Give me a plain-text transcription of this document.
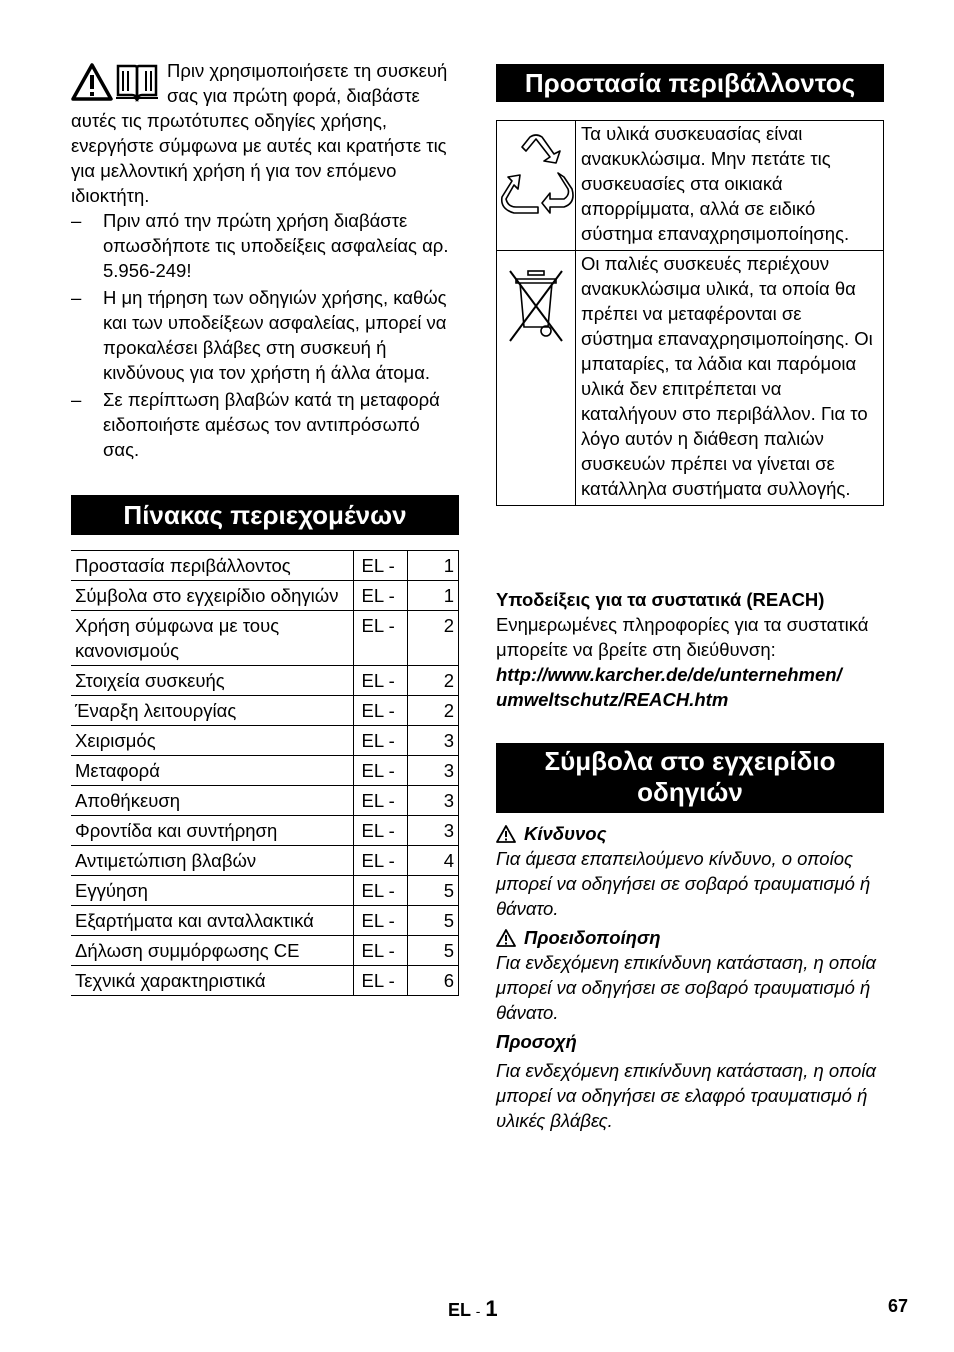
Πριν χρησιμοποιήσετε τη συσκευή σας για πρώτη φορά, διαβάστε αυτές τις πρωτότυπες οδηγίες χρήσης, ενεργήστε σύμφωνα με αυτές και κρατήστε τις για μελλοντική χρήση ή για τον επόμενο ιδιοκτήτη.
–	Πριν από την πρώτη χρήση διαβάστε οπωσδήποτε τις υποδείξεις ασφαλείας αρ. 5.956-249!
–	Η μη τήρηση των οδηγιών χρήσης, καθώς και των υποδείξεων ασφαλείας, μπορεί να προκαλέσει βλάβες στη συσκευή ή κινδύνους για τον χρήστη ή άλλα άτομα.
–	Σε περίπτωση βλαβών κατά τη μεταφορά ειδοποιήστε αμέσως τον αντιπρόσωπό σας.
Πίνακας περιεχομένων
Προστασία περιβάλλοντος	EL -	1
Σύμβολα στο εγχειρίδιο οδηγιών	EL -	1
Χρήση σύμφωνα με τους κανονισμούς	EL -	2
Στοιχεία συσκευής	EL -	2
Έναρξη λειτουργίας	EL -	2
Χειρισμός	EL -	3
Μεταφορά	EL -	3
Αποθήκευση	EL -	3
Φροντίδα και συντήρηση	EL -	3
Αντιμετώπιση βλαβών	EL -	4
Εγγύηση	EL -	5
Εξαρτήματα και ανταλλακτικά	EL -	5
Δήλωση συμμόρφωσης CE	EL -	5
Τεχνικά χαρακτηριστικά	EL -	6
Προστασία περιβάλλοντος
	Τα υλικά συσκευασίας είναι ανακυκλώσιμα. Μην πετάτε τις συσκευασίες στα οικιακά απορρίμματα, αλλά σε ειδικό σύστημα επαναχρησιμοποίησης.
	Οι παλιές συσκευές περιέχουν ανακυκλώσιμα υλικά, τα οποία θα πρέπει να μεταφέρονται σε σύστημα επαναχρησιμοποίησης. Οι μπαταρίες, τα λάδια και παρόμοια υλικά δεν επιτρέπεται να καταλήγουν στο περιβάλλον. Για το λόγο αυτόν η διάθεση παλιών συσκευών πρέπει να γίνεται σε κατάλληλα συστήματα συλλογής.

Υποδείξεις για τα συστατικά (REACH)

Ενημερωμένες πληροφορίες για τα συστατικά μπορείτε να βρείτε στη διεύθυνση:

http://www.karcher.de/de/unternehmen/ umweltschutz/REACH.htm

Σύμβολα στο εγχειρίδιο οδηγιών

Κίνδυνος

Για άμεσα επαπειλούμενο κίνδυνο, ο οποίος μπορεί να οδηγήσει σε σοβαρό τραυματισμό ή θάνατο.

Προειδοποίηση

Για ενδεχόμενη επικίνδυνη κατάσταση, η οποία μπορεί να οδηγήσει σε σοβαρό τραυματισμό ή θάνατο.

Προσοχή

Για ενδεχόμενη επικίνδυνη κατάσταση, η οποία μπορεί να οδηγήσει σε ελαφρό τραυματισμό ή υλικές βλάβες.

EL - 1	67
